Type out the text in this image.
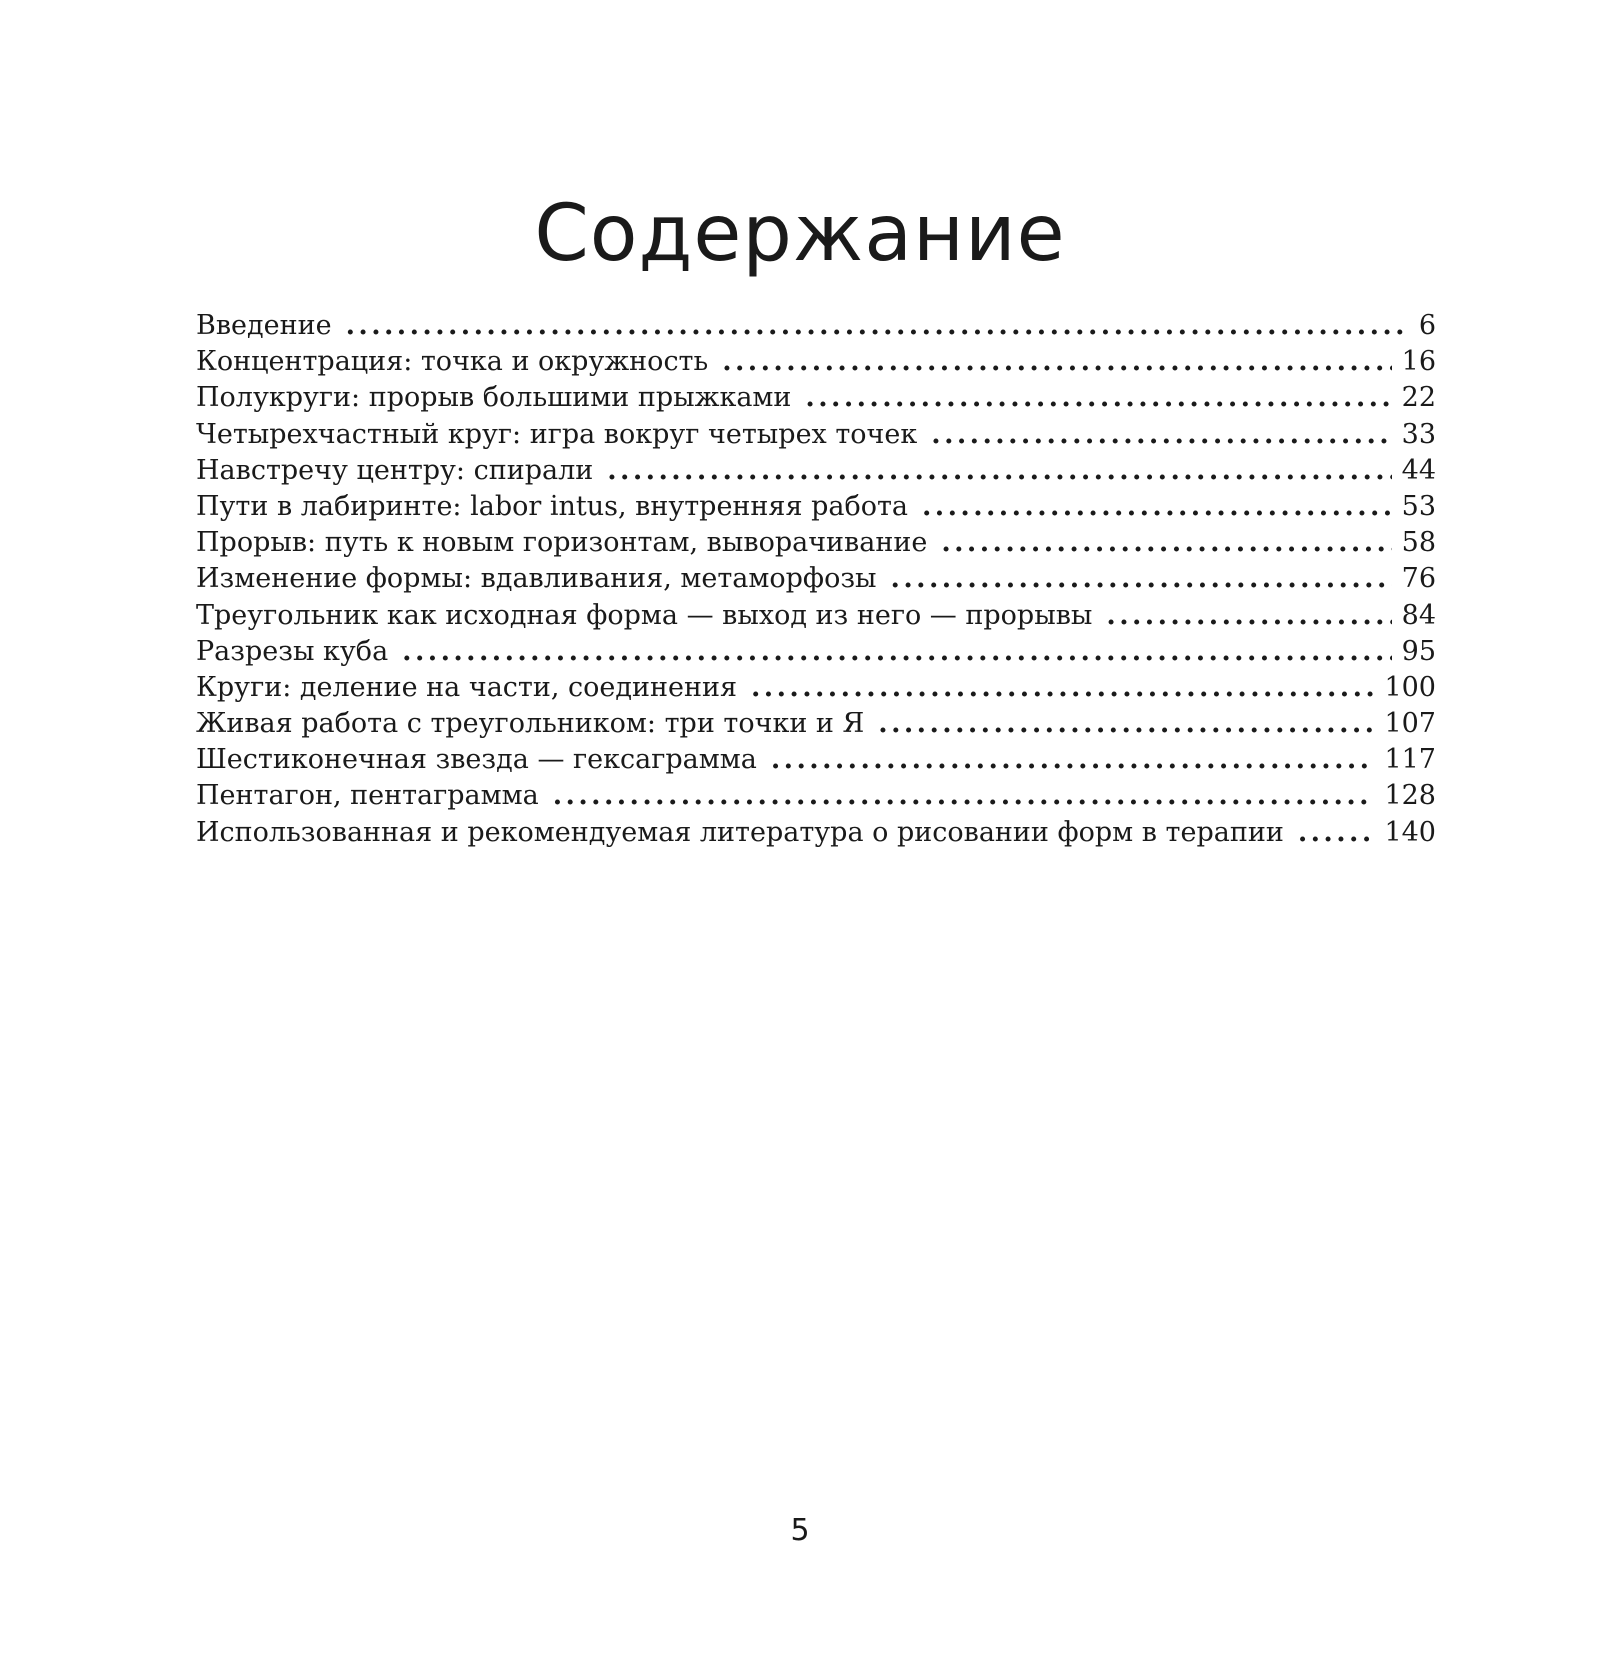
Содержание
Введение . . .	6
Концентрация: точка и окружность . . .	16
Полукруги: прорыв большими прыжками . . .	22
Четырехчастный круг: игра вокруг четырех точек . . .	33
Навстречу центру: спирали . . .	44
Пути в лабиринте: labor intus, внутренняя работа . . .	53
Прорыв: путь к новым горизонтам, выворачивание . . .	58
Изменение формы: вдавливания, метаморфозы . . .	76
Треугольник как исходная форма — выход из него — прорывы . . .	84
Разрезы куба . . .	95
Круги: деление на части, соединения . . .	100
Живая работа с треугольником: три точки и Я . . .	107
Шестиконечная звезда — гексаграмма . . .	117
Пентагон, пентаграмма . . .	128
Использованная и рекомендуемая литература о рисовании форм в терапии . . .	140
5
